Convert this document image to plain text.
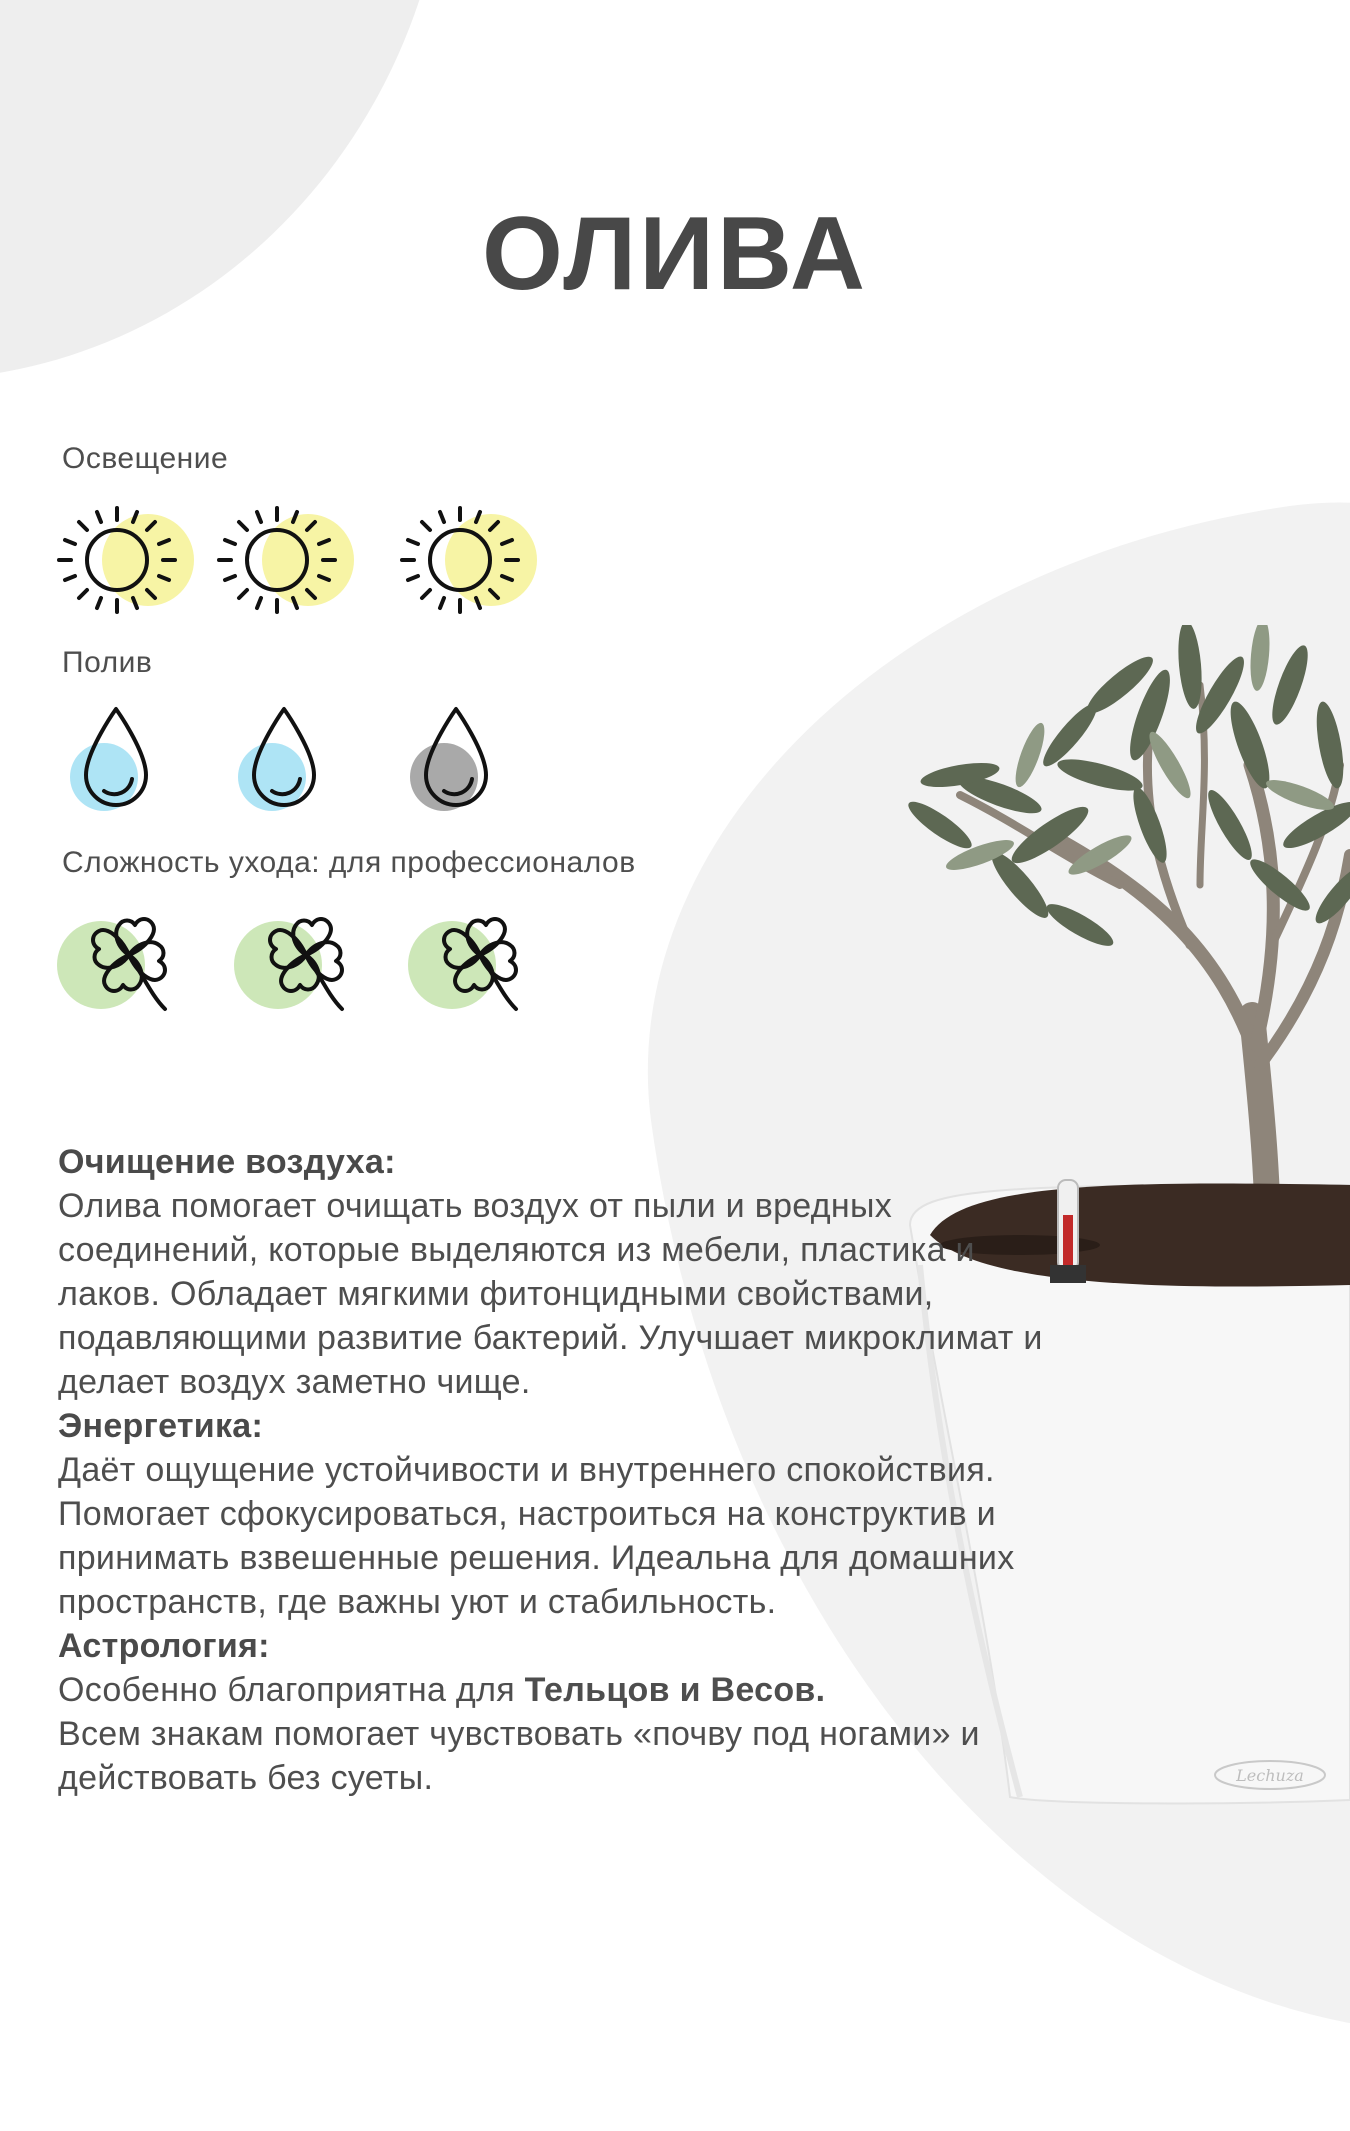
ОЛИВА
Освещение
Полив
Сложность ухода: для профессионалов
Lechuza

Очищение воздуха:

Олива помогает очищать воздух от пыли и вредных соединений, которые выделяются из мебели, пластика и лаков. Обладает мягкими фитонцидными свойствами, подавляющими развитие бактерий. Улучшает микроклимат и делает воздух заметно чище.

Энергетика:

Даёт ощущение устойчивости и внутреннего спокойствия. Помогает сфокусироваться, настроиться на конструктив и принимать взвешенные решения. Идеальна для домашних пространств, где важны уют и стабильность.

Астрология:

Особенно благоприятна для Тельцов и Весов.
Всем знакам помогает чувствовать «почву под ногами» и действовать без суеты.
